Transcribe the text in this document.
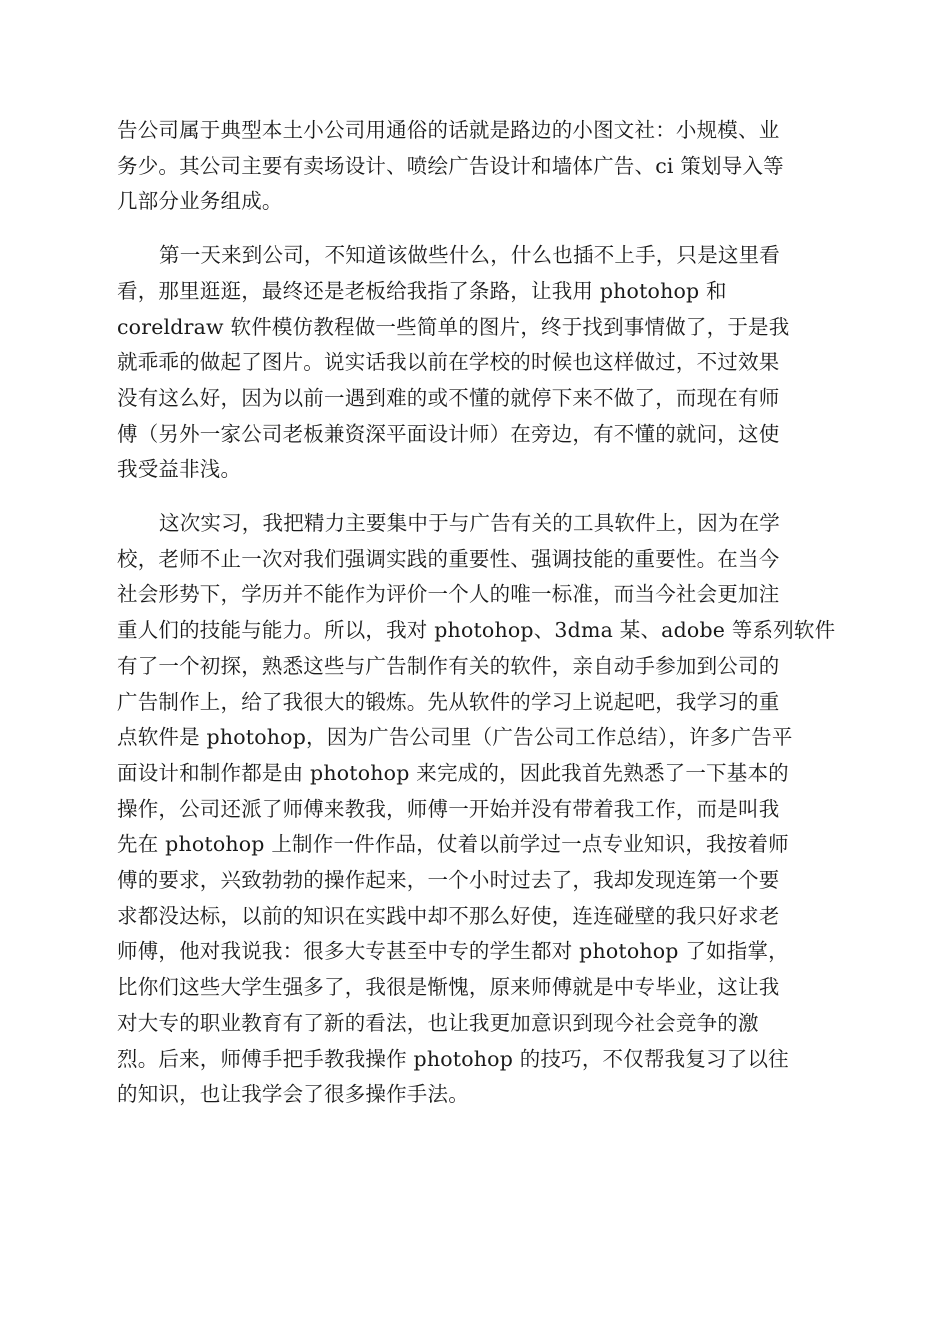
告公司属于典型本土小公司用通俗的话就是路边的小图文社：小规模、业
务少。其公司主要有卖场设计、喷绘广告设计和墙体广告、ci 策划导入等
几部分业务组成。
第一天来到公司，不知道该做些什么，什么也插不上手，只是这里看
看，那里逛逛，最终还是老板给我指了条路，让我用 photohop 和
coreldraw 软件模仿教程做一些简单的图片，终于找到事情做了，于是我
就乖乖的做起了图片。说实话我以前在学校的时候也这样做过，不过效果
没有这么好，因为以前一遇到难的或不懂的就停下来不做了，而现在有师
傅（另外一家公司老板兼资深平面设计师）在旁边，有不懂的就问，这使
我受益非浅。
这次实习，我把精力主要集中于与广告有关的工具软件上，因为在学
校，老师不止一次对我们强调实践的重要性、强调技能的重要性。在当今
社会形势下，学历并不能作为评价一个人的唯一标准，而当今社会更加注
重人们的技能与能力。所以，我对 photohop、3dma 某、adobe 等系列软件
有了一个初探，熟悉这些与广告制作有关的软件，亲自动手参加到公司的
广告制作上，给了我很大的锻炼。先从软件的学习上说起吧，我学习的重
点软件是 photohop，因为广告公司里（广告公司工作总结），许多广告平
面设计和制作都是由 photohop 来完成的，因此我首先熟悉了一下基本的
操作，公司还派了师傅来教我，师傅一开始并没有带着我工作，而是叫我
先在 photohop 上制作一件作品，仗着以前学过一点专业知识，我按着师
傅的要求，兴致勃勃的操作起来，一个小时过去了，我却发现连第一个要
求都没达标，以前的知识在实践中却不那么好使，连连碰壁的我只好求老
师傅，他对我说我：很多大专甚至中专的学生都对 photohop 了如指掌，
比你们这些大学生强多了，我很是惭愧，原来师傅就是中专毕业，这让我
对大专的职业教育有了新的看法，也让我更加意识到现今社会竞争的激
烈。后来，师傅手把手教我操作 photohop 的技巧，不仅帮我复习了以往
的知识，也让我学会了很多操作手法。
